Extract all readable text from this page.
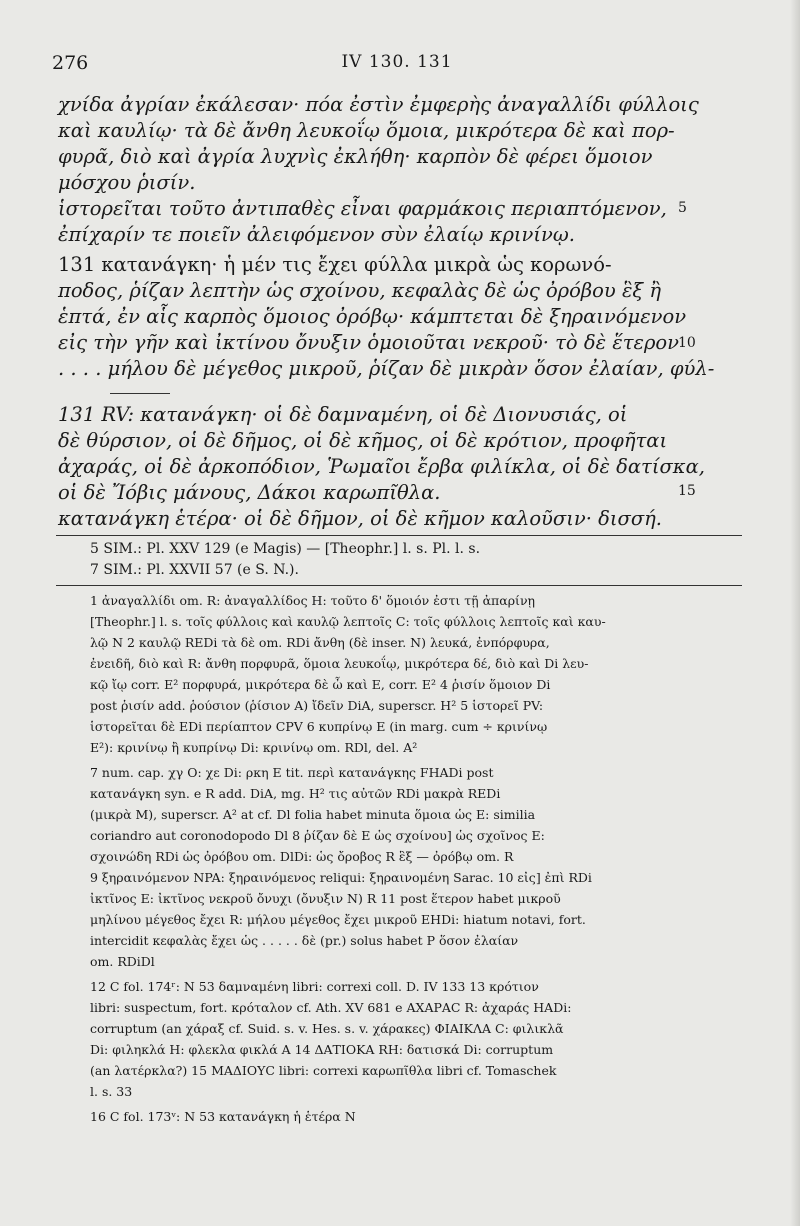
276	IV 130. 131
χνίδα ἀγρίαν ἐκάλεσαν· πόα ἐστὶν ἐμφερὴς ἀναγαλλίδι φύλλοις
καὶ καυλίῳ· τὰ δὲ ἄνθη λευκοΐῳ ὅμοια, μικρότερα δὲ καὶ πορ-
φυρᾶ, διὸ καὶ ἀγρία λυχνὶς ἐκλήθη· καρπὸν δὲ φέρει ὅμοιον
μόσχου ῥισίν.
ἱστορεῖται τοῦτο ἀντιπαθὲς εἶναι φαρμάκοις περιαπτόμενον,
ἐπίχαρίν τε ποιεῖν ἀλειφόμενον σὺν ἐλαίῳ κρινίνῳ.
131 κατανάγκη· ἡ μέν τις ἔχει φύλλα μικρὰ ὡς κορωνό-
ποδος, ῥίζαν λεπτὴν ὡς σχοίνου, κεφαλὰς δὲ ὡς ὀρόβου ἓξ ἢ
ἑπτά, ἐν αἷς καρπὸς ὅμοιος ὀρόβῳ· κάμπτεται δὲ ξηραινόμενον
εἰς τὴν γῆν καὶ ἰκτίνου ὄνυξιν ὁμοιοῦται νεκροῦ· τὸ δὲ ἕτερον
. . . . μήλου δὲ μέγεθος μικροῦ, ῥίζαν δὲ μικρὰν ὅσον ἐλαίαν, φύλ-
5
10
131 RV: κατανάγκη· οἱ δὲ δαμναμένη, οἱ δὲ Διονυσιάς, οἱ
δὲ θύρσιον, οἱ δὲ δῆμος, οἱ δὲ κῆμος, οἱ δὲ κρότιον, προφῆται
ἀχαράς, οἱ δὲ ἀρκοπόδιον, Ῥωμαῖοι ἔρβα φιλίκλα, οἱ δὲ δατίσκα,
οἱ δὲ Ἴόβις μάνους, Δάκοι καρωπῖθλα.
κατανάγκη ἑτέρα· οἱ δὲ δῆμον, οἱ δὲ κῆμον καλοῦσιν· δισσή.
15
5 SIM.: Pl. XXV 129 (e Magis) — [Theophr.] l. s. Pl. l. s.
7 SIM.: Pl. XXVII 57 (e S. N.).
1 ἀναγαλλίδι om. R: ἀναγαλλίδος H: τοῦτο δ' ὅμοιόν ἐστι τῇ ἀπαρίνῃ
[Theophr.] l. s. τοῖς φύλλοις καὶ καυλῷ λεπτοῖς C: τοῖς φύλλοις λεπτοῖς καὶ καυ-
λῷ N 2 καυλῷ REDi τὰ δὲ om. RDi ἄνθη (δὲ inser. N) λευκά, ἐνπόρφυρα,
ἐνειδῆ, διὸ καὶ R: ἄνθη πορφυρᾶ, ὅμοια λευκοΐῳ, μικρότερα δέ, διὸ καὶ Di λευ-
κῷ ἴῳ corr. E² πορφυρά, μικρότερα δὲ ὦ καὶ E, corr. E² 4 ῥισίν ὅμοιον Di
post ῥισίν add. ῥούσιον (ῥίσιον A) ἴδεῖν DiA, superscr. H² 5 ἱστορεῖ PV:
ἱστορεῖται δὲ EDi περίαπτον CPV 6 κυπρίνῳ E (in marg. cum ÷ κρινίνῳ
E²): κρινίνῳ ἢ κυπρίνῳ Di: κρινίνῳ om. RDl, del. A²
7 num. cap. χγ O: χε Di: ρκη E tit. περὶ κατανάγκης FHADi post
κατανάγκη syn. e R add. DiA, mg. H² τις αὐτῶν RDi μακρὰ REDi
(μικρὰ M), superscr. A² at cf. Dl folia habet minuta ὅμοια ὡς E: similia
coriandro aut coronodopodo Dl 8 ῥίζαν δὲ E ὡς σχοίνου] ὡς σχοῖνος E:
σχοινώδη RDi ὡς ὀρόβου om. DlDi: ὡς ὄροβος R ἓξ — ὀρόβῳ om. R
9 ξηραινόμενον NPA: ξηραινόμενος reliqui: ξηραινομένη Sarac. 10 εἰς] ἐπὶ RDi
ἰκτῖνος E: ἰκτῖνος νεκροῦ ὄνυχι (ὄνυξιν N) R 11 post ἕτερον habet μικροῦ
μηλίνου μέγεθος ἔχει R: μήλου μέγεθος ἔχει μικροῦ EHDi: hiatum notavi, fort.
intercidit κεφαλὰς ἔχει ὡς . . . . . δὲ (pr.) solus habet P ὅσον ἐλαίαν
om. RDiDl
12 C fol. 174ʳ: N 53 δαμναμένη libri: correxi coll. D. IV 133 13 κρότιον
libri: suspectum, fort. κρόταλον cf. Ath. XV 681 e ΑΧΑΡΑC R: ἀχαράς HADi:
corruptum (an χάραξ cf. Suid. s. v. Hes. s. v. χάρακες) ΦΙΑΙΚΛΑ C: φιλικλᾶ
Di: φιληκλά H: φλεκλα φικλά A 14 ΔΑΤΙΟΚΑ RH: δατισκά Di: corruptum
(an λατέρκλα?) 15 ΜΑΔΙΟΥC libri: correxi καρωπῖθλα libri cf. Tomaschek
l. s. 33
16 C fol. 173ᵛ: N 53 κατανάγκη ἡ ἑτέρα N
